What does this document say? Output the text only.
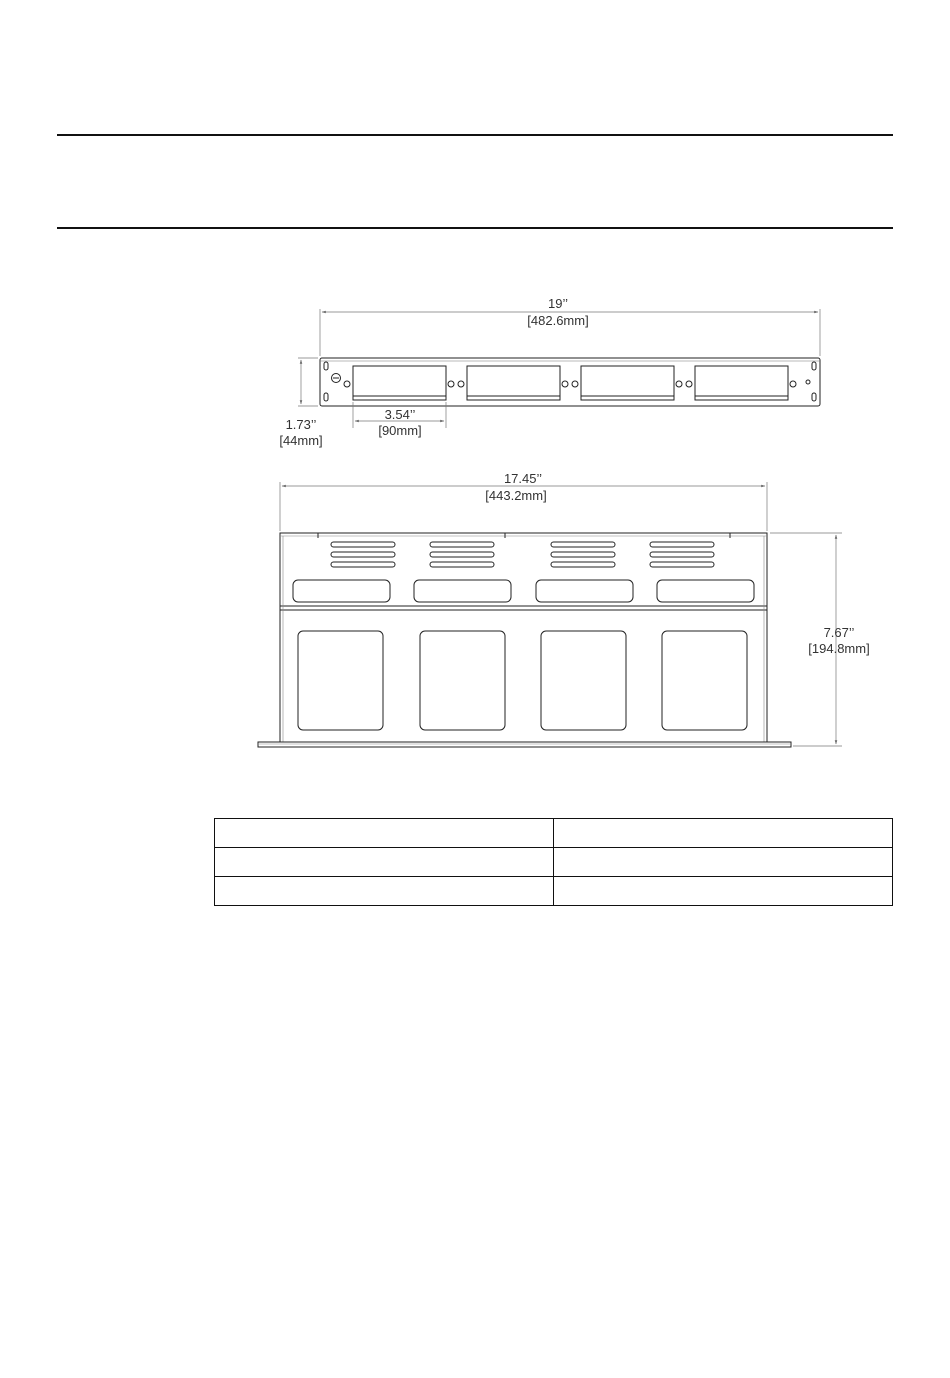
19’’
[482.6mm]
1.73’’
[44mm]
3.54’’
[90mm]
17.45’’
[443.2mm]
7.67’’
[194.8mm]
